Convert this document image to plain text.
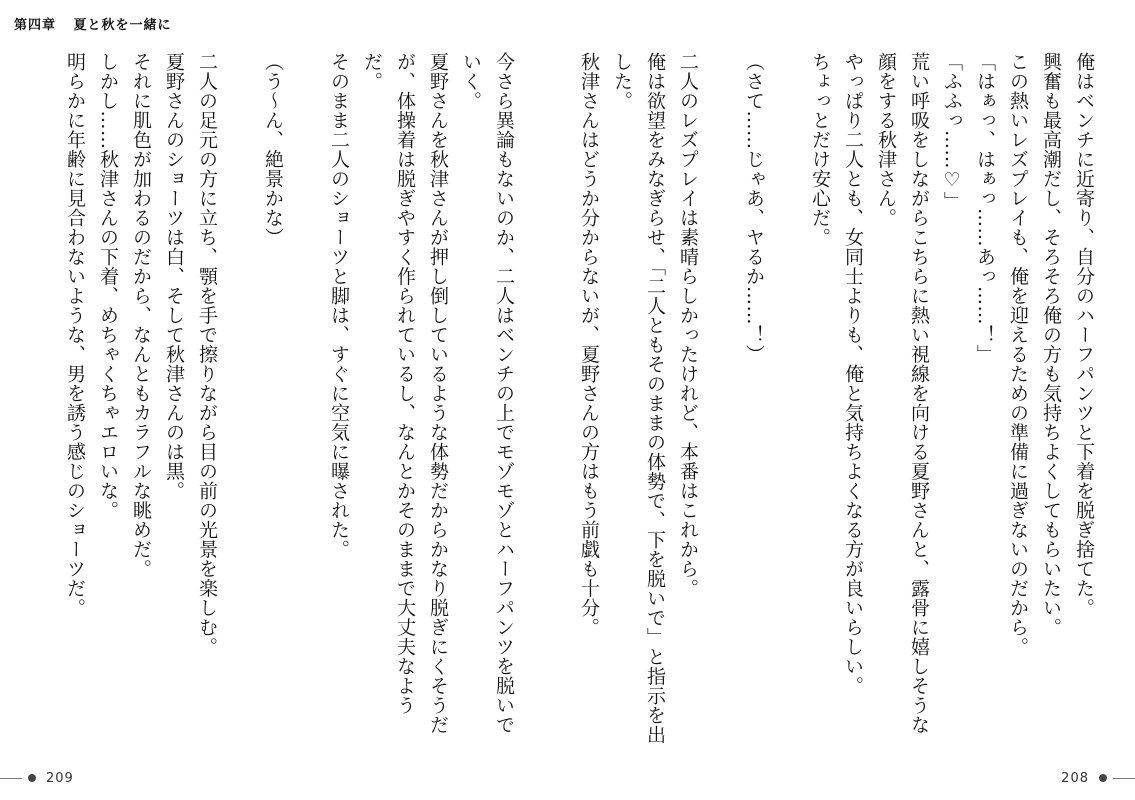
第四章 夏と秋を一緒に

俺はベンチに近寄り、自分のハーフパンツと下着を脱ぎ捨てた。

興奮も最高潮だし、そろそろ俺の方も気持ちよくしてもらいたい。

この熱いレズプレイも、俺を迎えるための準備に過ぎないのだから。

「はぁっ、はぁっ……あっ……！」

「ふふっ……♡」

荒い呼吸をしながらこちらに熱い視線を向ける夏野さんと、露骨に嬉しそうな顔をする秋津さん。

やっぱり二人とも、女同士よりも、俺と気持ちよくなる方が良いらしい。

ちょっとだけ安心だ。

（さて……じゃあ、ヤるか……！）

二人のレズプレイは素晴らしかったけれど、本番はこれから。

俺は欲望をみなぎらせ、「二人ともそのままの体勢で、下を脱いで」と指示を出した。

秋津さんはどうか分からないが、夏野さんの方はもう前戯も十分。

今さら異論もないのか、二人はベンチの上でモゾモゾとハーフパンツを脱いでいく。

夏野さんを秋津さんが押し倒しているような体勢だからかなり脱ぎにくそうだが、体操着は脱ぎやすく作られているし、なんとかそのままで大丈夫なようだ。

そのまま二人のショーツと脚は、すぐに空気に曝された。

（う～ん、絶景かな）

二人の足元の方に立ち、顎を手で擦りながら目の前の光景を楽しむ。

夏野さんのショーツは白、そして秋津さんのは黒。

それに肌色が加わるのだから、なんともカラフルな眺めだ。

しかし……秋津さんの下着、めちゃくちゃエロいな。

明らかに年齢に見合わないような、男を誘う感じのショーツだ。

209	208
